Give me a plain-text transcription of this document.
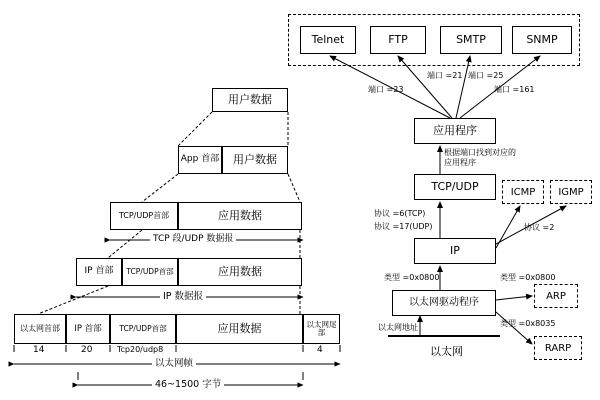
用户数据
App 首部 用户数据
TCP/UDP首部	应用数据
IP 首部 TCP/UDP首部	应用数据
以太网首部 IP 首部 TCP/UDP首部	应用数据	以太网尾部
TCP 段/UDP 数据报
IP 数据报
以太网帧
46~1500 字节
14	20	Tcp20/udp8	4
Telnet	FTP	SMTP	SNMP
应用程序
TCP/UDP	ICMP IGMP
IP
以太网驱动程序
ARP
RARP
以太网
端口 =23
端口 =21 端口 =25
端口 =161
根据端口找到对应的应用程序
协议 =6(TCP)
协议 =17(UDP)	协议 =2
类型 =0x0800	类型 =0x0800
类型 =0x8035
以太网地址
